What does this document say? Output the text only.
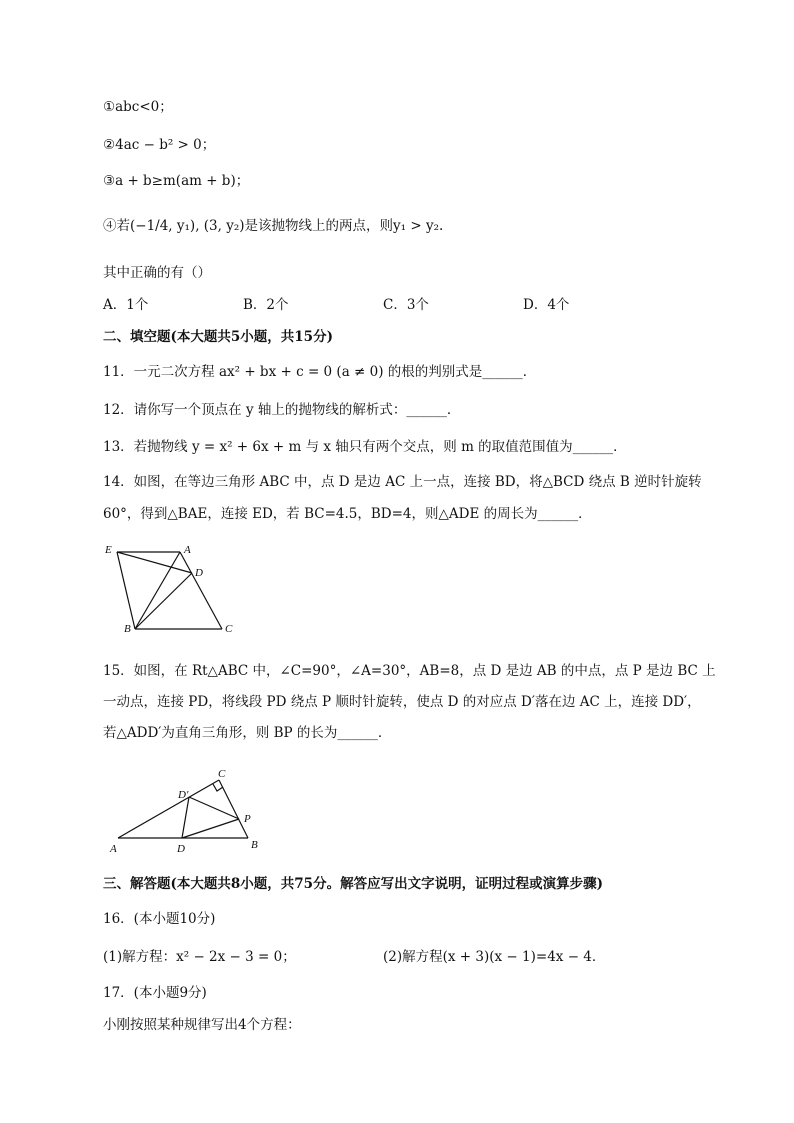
①abc<0；
②4ac − b² > 0；
③a + b≥m(am + b)；
④若(−1/4, y₁), (3, y₂)是该抛物线上的两点，则y₁ > y₂.
其中正确的有（）
A．1个	B．2个	C．3个	D．4个
二、填空题(本大题共5小题，共15分)
11．一元二次方程 ax² + bx + c = 0 (a ≠ 0) 的根的判别式是______．
12．请你写一个顶点在 y 轴上的抛物线的解析式：______．
13．若抛物线 y = x² + 6x + m 与 x 轴只有两个交点，则 m 的取值范围值为______．
14．如图，在等边三角形 ABC 中，点 D 是边 AC 上一点，连接 BD，将△BCD 绕点 B 逆时针旋转
60°，得到△BAE，连接 ED，若 BC=4.5，BD=4，则△ADE 的周长为______．
E	A
D
B	C
15．如图，在 Rt△ABC 中，∠C=90°，∠A=30°，AB=8，点 D 是边 AB 的中点，点 P 是边 BC 上
一动点，连接 PD，将线段 PD 绕点 P 顺时针旋转，使点 D 的对应点 D′落在边 AC 上，连接 DD′，
若△ADD′为直角三角形，则 BP 的长为______．
C
D′
P
A	D	B
三、解答题(本大题共8小题，共75分。解答应写出文字说明，证明过程或演算步骤)
16．(本小题10分)
(1)解方程：x² − 2x − 3 = 0；	(2)解方程(x + 3)(x − 1)=4x − 4．
17．(本小题9分)
小刚按照某种规律写出4个方程：
